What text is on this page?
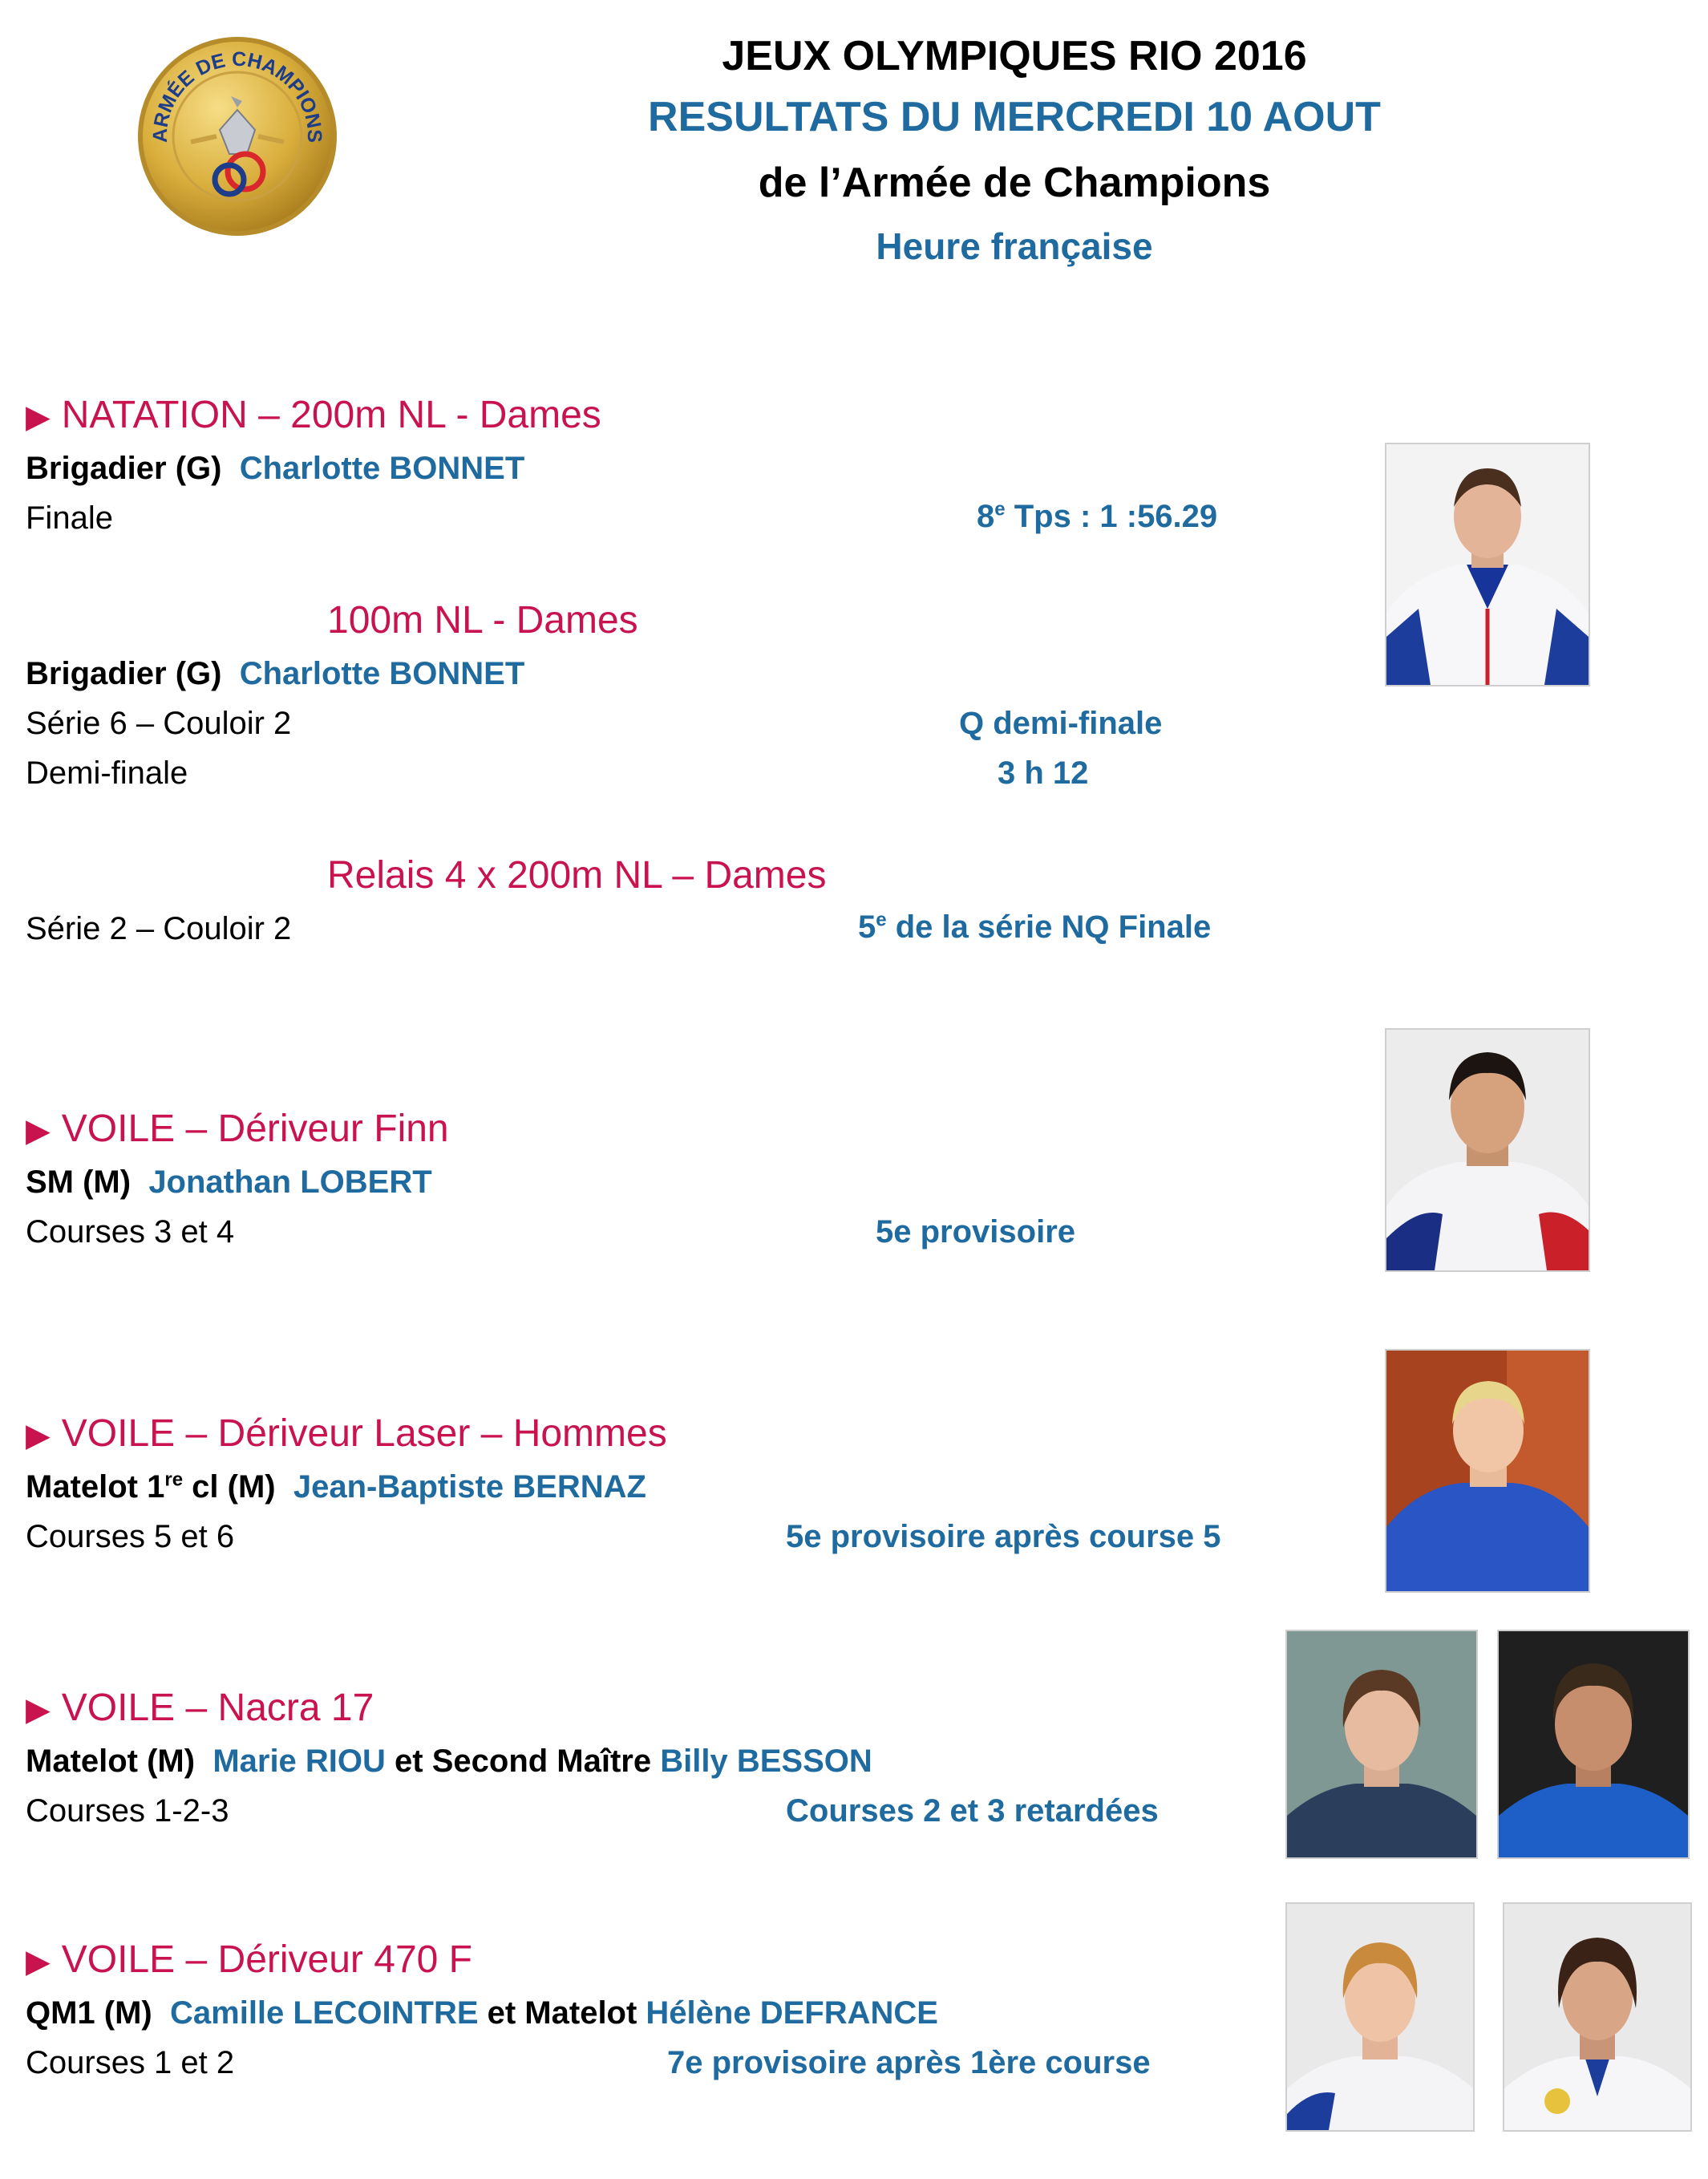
ARMÉE DE CHAMPIONS
JEUX OLYMPIQUES RIO 2016
RESULTATS DU MERCREDI 10 AOUT
de l’Armée de Champions
Heure française
▶ NATATION – 200m NL - Dames
Brigadier (G) Charlotte BONNET
Finale	8e Tps : 1 :56.29
100m NL - Dames
Brigadier (G) Charlotte BONNET
Série 6 – Couloir 2	Q demi-finale
Demi-finale	3 h 12
Relais 4 x 200m NL – Dames
Série 2 – Couloir 2	5e de la série NQ Finale
▶ VOILE – Dériveur Finn
SM (M) Jonathan LOBERT
Courses 3 et 4	5e provisoire
▶ VOILE – Dériveur Laser – Hommes
Matelot 1re cl (M) Jean-Baptiste BERNAZ
Courses 5 et 6	5e provisoire après course 5
▶ VOILE – Nacra 17
Matelot (M) Marie RIOU et Second Maître Billy BESSON
Courses 1-2-3	Courses 2 et 3 retardées
▶ VOILE – Dériveur 470 F
QM1 (M) Camille LECOINTRE et Matelot Hélène DEFRANCE
Courses 1 et 2	7e provisoire après 1ère course
